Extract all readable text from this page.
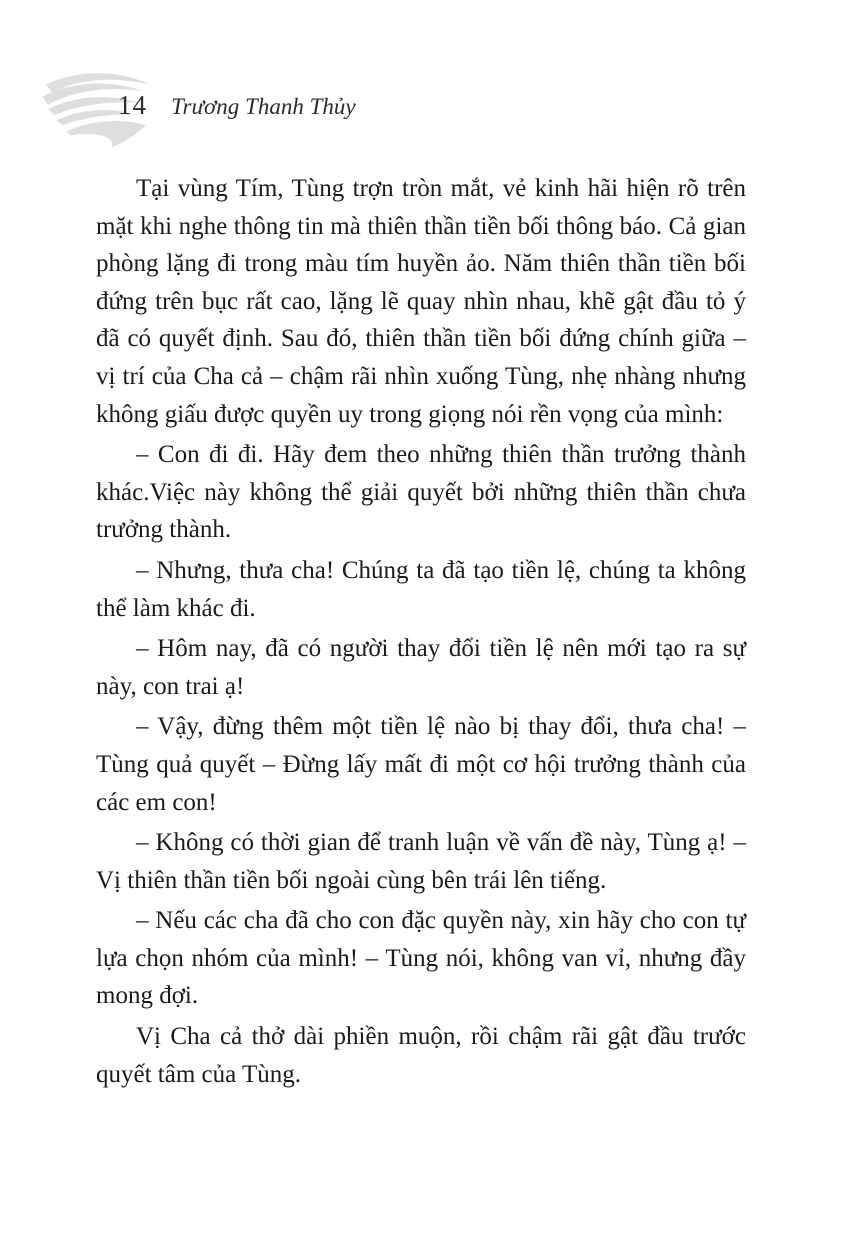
14 Trương Thanh Thủy

Tại vùng Tím, Tùng trợn tròn mắt, vẻ kinh hãi hiện rõ trên mặt khi nghe thông tin mà thiên thần tiền bối thông báo. Cả gian phòng lặng đi trong màu tím huyền ảo. Năm thiên thần tiền bối đứng trên bục rất cao, lặng lẽ quay nhìn nhau, khẽ gật đầu tỏ ý đã có quyết định. Sau đó, thiên thần tiền bối đứng chính giữa – vị trí của Cha cả – chậm rãi nhìn xuống Tùng, nhẹ nhàng nhưng không giấu được quyền uy trong giọng nói rền vọng của mình:

– Con đi đi. Hãy đem theo những thiên thần trưởng thành khác.Việc này không thể giải quyết bởi những thiên thần chưa trưởng thành.

– Nhưng, thưa cha! Chúng ta đã tạo tiền lệ, chúng ta không thể làm khác đi.

– Hôm nay, đã có người thay đổi tiền lệ nên mới tạo ra sự này, con trai ạ!

– Vậy, đừng thêm một tiền lệ nào bị thay đổi, thưa cha! – Tùng quả quyết – Đừng lấy mất đi một cơ hội trưởng thành của các em con!

– Không có thời gian để tranh luận về vấn đề này, Tùng ạ! – Vị thiên thần tiền bối ngoài cùng bên trái lên tiếng.

– Nếu các cha đã cho con đặc quyền này, xin hãy cho con tự lựa chọn nhóm của mình! – Tùng nói, không van vỉ, nhưng đầy mong đợi.

Vị Cha cả thở dài phiền muộn, rồi chậm rãi gật đầu trước quyết tâm của Tùng.
